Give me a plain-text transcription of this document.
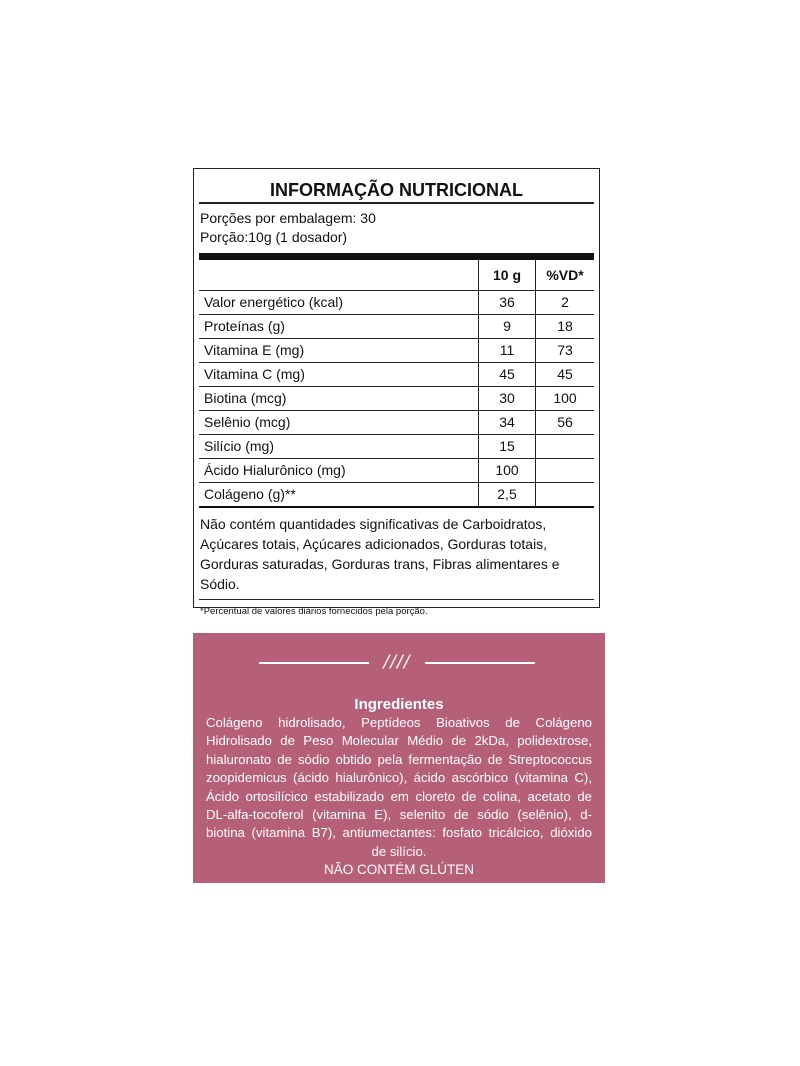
INFORMAÇÃO NUTRICIONAL
Porções por embalagem: 30
Porção:10g (1 dosador)
	10 g	%VD*
Valor energético (kcal)	36	2
Proteínas (g)	9	18
Vitamina E (mg)	11	73
Vitamina C (mg)	45	45
Biotina (mcg)	30	100
Selênio (mcg)	34	56
Silício (mg)	15	
Ácido Hialurônico (mg)	100	
Colágeno (g)**	2,5	
Não contém quantidades significativas de Carboidratos, Açúcares totais, Açúcares adicionados, Gorduras totais, Gorduras saturadas, Gorduras trans, Fibras alimentares e Sódio.
*Percentual de valores diários fornecidos pela porção.
////
Ingredientes
Colágeno hidrolisado, Peptídeos Bioativos de Colágeno Hidrolisado de Peso Molecular Médio de 2kDa, polidextrose, hialuronato de sódio obtido pela fermentação de Streptococcus zoopidemicus (ácido hialurônico), ácido ascórbico (vitamina C), Ácido ortosilícico estabilizado em cloreto de colina, acetato de DL-alfa-tocoferol (vitamina E), selenito de sódio (selênio), d-biotina (vitamina B7), antiumectantes: fosfato tricálcico, dióxido de silício.
NÃO CONTÉM GLÚTEN
